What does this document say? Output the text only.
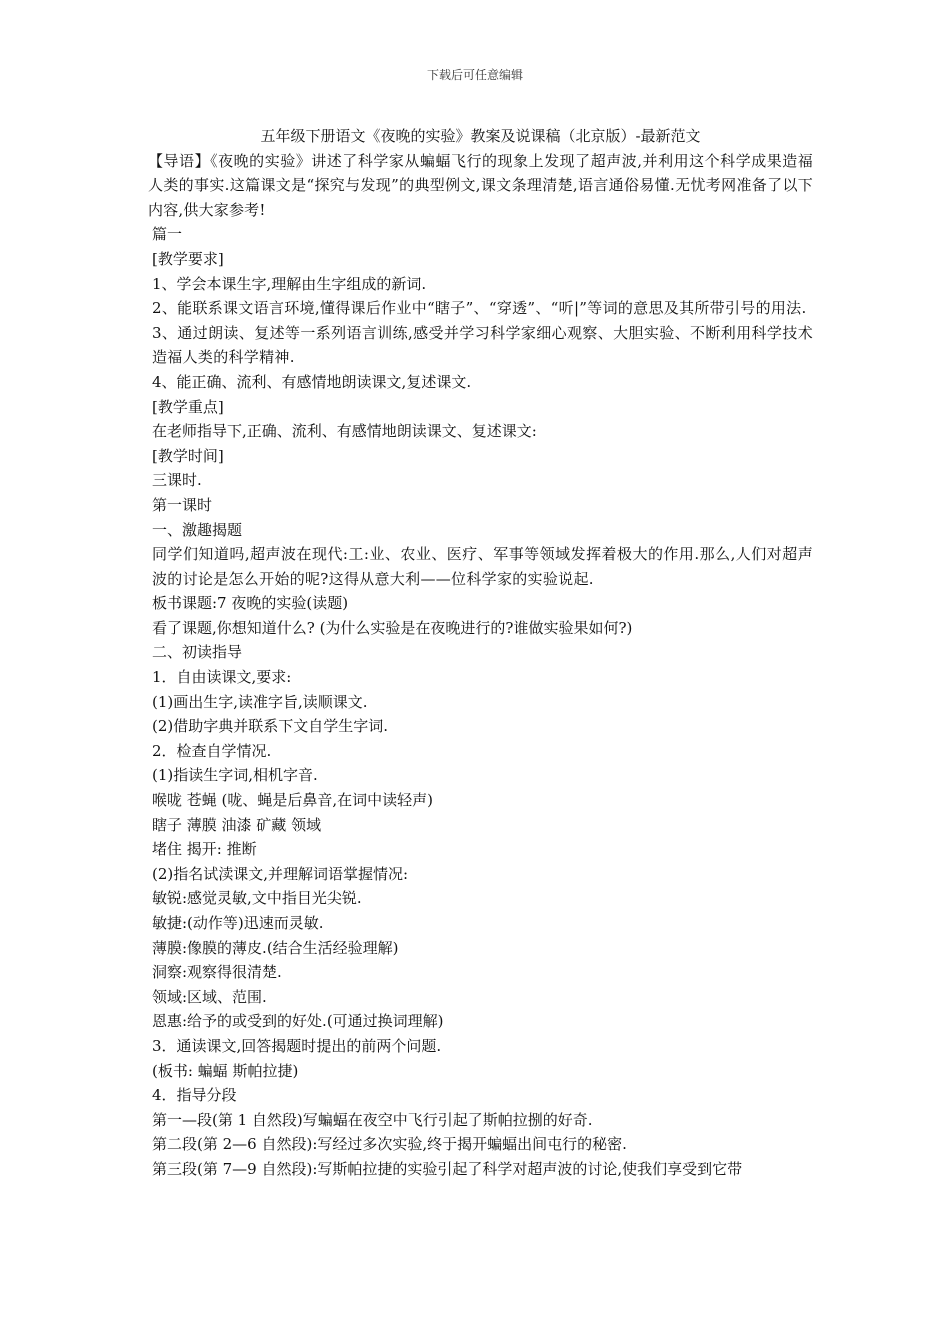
下载后可任意编辑

五年级下册语文《夜晚的实验》教案及说课稿（北京版）-最新范文

【导语】《夜晚的实验》讲述了科学家从蝙蝠飞行的现象上发现了超声波,并利用这个科学成果造福人类的事实.这篇课文是“探究与发现”的典型例文,课文条理清楚,语言通俗易懂.无忧考网准备了以下内容,供大家参考!

篇一

[教学要求]

1、学会本课生字,理解由生字组成的新词.

2、能联系课文语言环境,懂得课后作业中“瞎子”、“穿透”、“听|”等词的意思及其所带引号的用法.

3、通过朗读、复述等一系列语言训练,感受并学习科学家细心观察、大胆实验、不断利用科学技术造福人类的科学精神.

4、能正确、流利、有感情地朗读课文,复述课文.

[教学重点]

在老师指导下,正确、流利、有感情地朗读课文、复述课文:

[教学时间]

三课时.

第一课时

一、激趣揭题

同学们知道吗,超声波在现代:工:业、农业、医疗、军事等领域发挥着极大的作用.那么,人们对超声波的讨论是怎么开始的呢?这得从意大利——位科学家的实验说起.

板书课题:7 夜晚的实验(读题)

看了课题,你想知道什么? (为什么实验是在夜晚进行的?谁做实验果如何?)

二、初读指导

1．自由读课文,要求:

(1)画出生字,读准字旨,读顺课文.

(2)借助字典并联系下文自学生字词.

2．检查自学情况.

(1)指读生字词,相机字音.

喉咙 苍蝇 (咙、蝇是后鼻音,在词中读轻声)

瞎子 薄膜 油漆 矿藏 领域

堵住 揭开: 推断

(2)指名试渎课文,并理解词语掌握情况:

敏锐:感觉灵敏,文中指目光尖锐.

敏捷:(动作等)迅速而灵敏.

薄膜:像膜的薄皮.(结合生活经验理解)

洞察:观察得很清楚.

领域:区域、范围.

恩惠:给予的或受到的好处.(可通过换词理解)

3．通读课文,回答揭题时提出的前两个问题.

(板书: 蝙蝠 斯帕拉捷)

4．指导分段

第一—段(第 1 自然段)写蝙蝠在夜空中飞行引起了斯帕拉捌的好奇.

第二段(第 2—6 自然段):写经过多次实验,终于揭开蝙蝠出间屯行的秘密.

第三段(第 7—9 自然段):写斯帕拉捷的实验引起了科学对超声波的讨论,使我们享受到它带
